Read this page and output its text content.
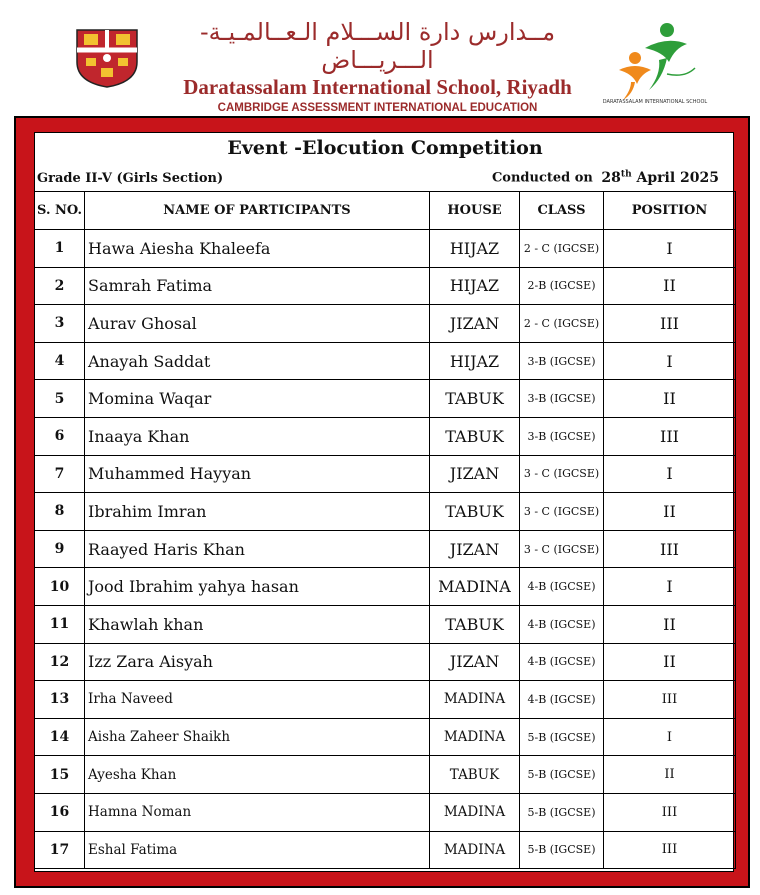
مــدارس دارة الســـلام الـعــالمـيـة- الـــريـــاض
Daratassalam International School, Riyadh
CAMBRIDGE ASSESSMENT INTERNATIONAL EDUCATION	DARATASSALAM INTERNATIONAL SCHOOL
Event -Elocution Competition
Grade II-V (Girls Section)	Conducted on 28th April 2025
S. NO.	NAME OF PARTICIPANTS	HOUSE	CLASS	POSITION
1	Hawa Aiesha Khaleefa	HIJAZ	2 - C (IGCSE)	I
2	Samrah Fatima	HIJAZ	2-B (IGCSE)	II
3	Aurav Ghosal	JIZAN	2 - C (IGCSE)	III
4	Anayah Saddat	HIJAZ	3-B (IGCSE)	I
5	Momina Waqar	TABUK	3-B (IGCSE)	II
6	Inaaya Khan	TABUK	3-B (IGCSE)	III
7	Muhammed Hayyan	JIZAN	3 - C (IGCSE)	I
8	Ibrahim Imran	TABUK	3 - C (IGCSE)	II
9	Raayed Haris Khan	JIZAN	3 - C (IGCSE)	III
10	Jood Ibrahim yahya hasan	MADINA	4-B (IGCSE)	I
11	Khawlah khan	TABUK	4-B (IGCSE)	II
12	Izz Zara Aisyah	JIZAN	4-B (IGCSE)	II
13	Irha Naveed	MADINA	4-B (IGCSE)	III
14	Aisha Zaheer Shaikh	MADINA	5-B (IGCSE)	I
15	Ayesha Khan	TABUK	5-B (IGCSE)	II
16	Hamna Noman	MADINA	5-B (IGCSE)	III
17	Eshal Fatima	MADINA	5-B (IGCSE)	III
